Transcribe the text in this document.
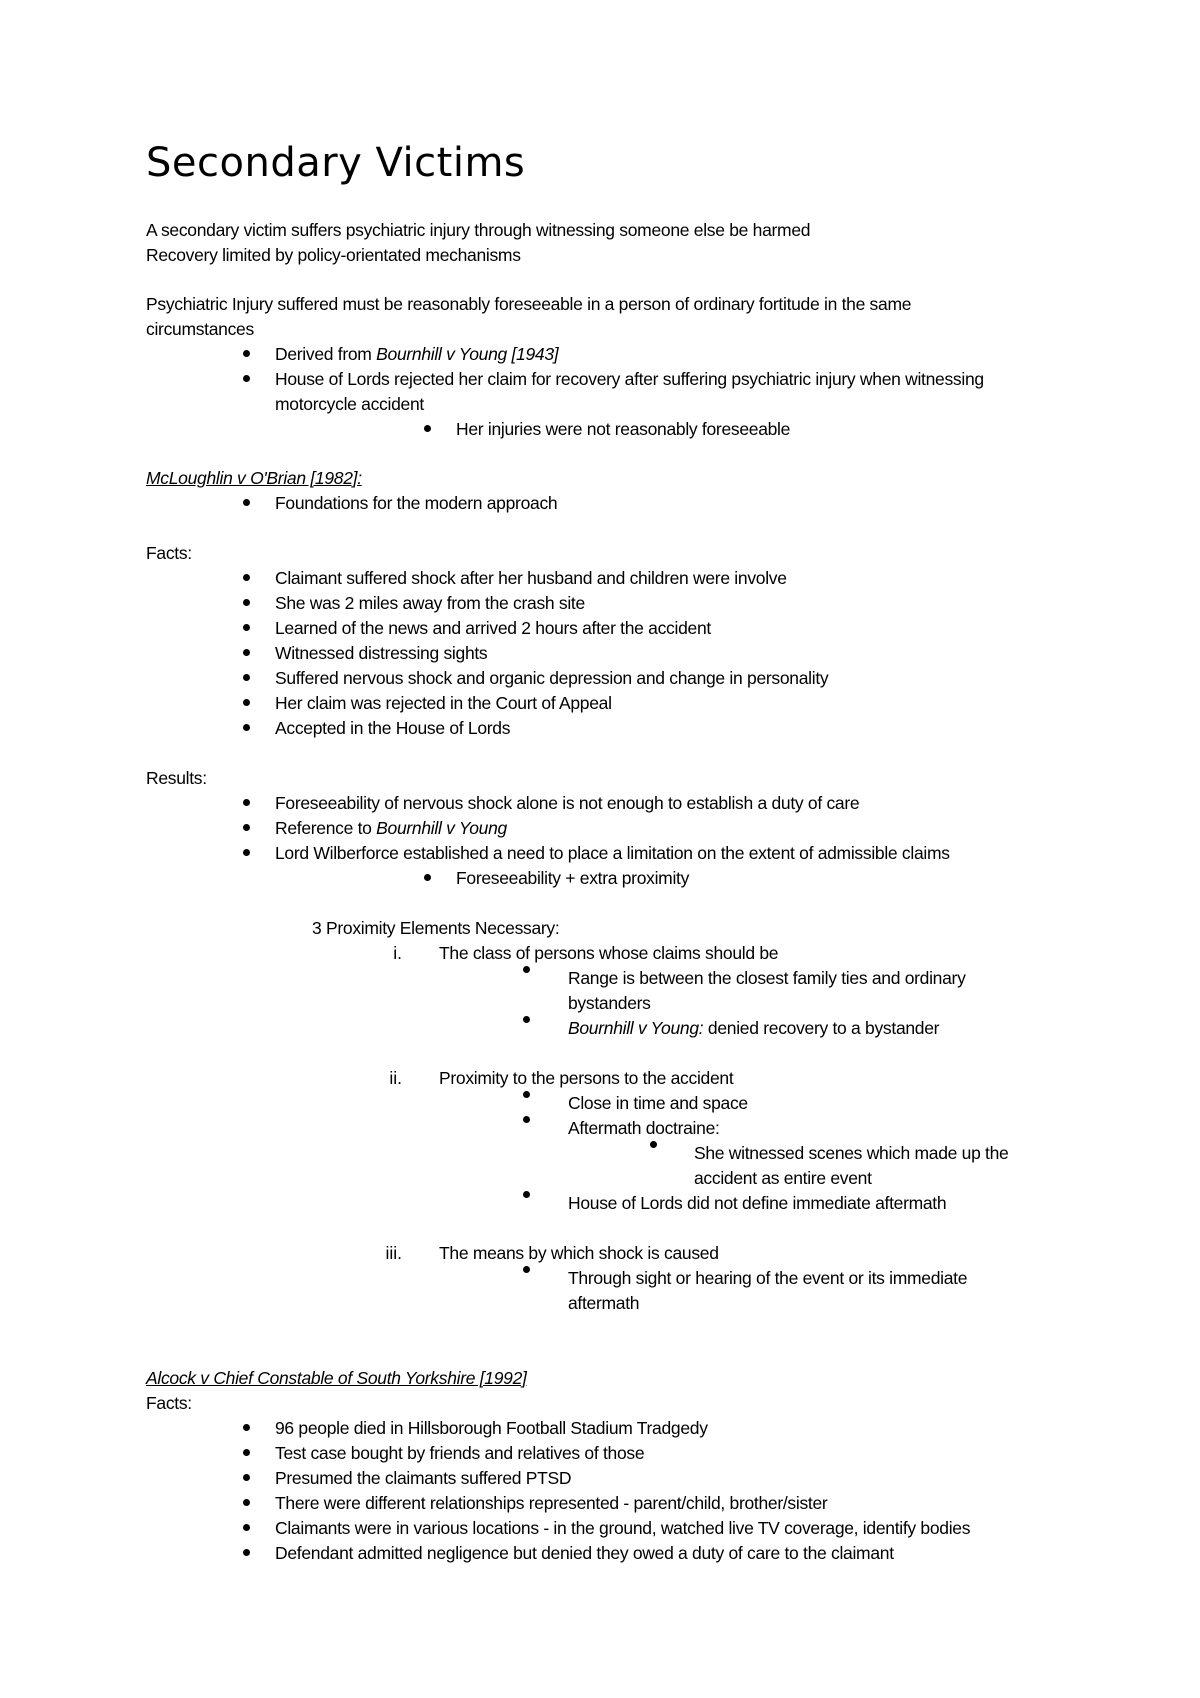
Secondary Victims
A secondary victim suffers psychiatric injury through witnessing someone else be harmed
Recovery limited by policy-orientated mechanisms
Psychiatric Injury suffered must be reasonably foreseeable in a person of ordinary fortitude in the same
circumstances
Derived from Bournhill v Young [1943]
House of Lords rejected her claim for recovery after suffering psychiatric injury when witnessing
motorcycle accident
Her injuries were not reasonably foreseeable
McLoughlin v O'Brian [1982]:
Foundations for the modern approach
Facts:
Claimant suffered shock after her husband and children were involve
She was 2 miles away from the crash site
Learned of the news and arrived 2 hours after the accident
Witnessed distressing sights
Suffered nervous shock and organic depression and change in personality
Her claim was rejected in the Court of Appeal
Accepted in the House of Lords
Results:
Foreseeability of nervous shock alone is not enough to establish a duty of care
Reference to Bournhill v Young
Lord Wilberforce established a need to place a limitation on the extent of admissible claims
Foreseeability + extra proximity
3 Proximity Elements Necessary:
i. The class of persons whose claims should be
Range is between the closest family ties and ordinary
bystanders
Bournhill v Young: denied recovery to a bystander
ii. Proximity to the persons to the accident
Close in time and space
Aftermath doctraine:
She witnessed scenes which made up the
accident as entire event
House of Lords did not define immediate aftermath
iii. The means by which shock is caused
Through sight or hearing of the event or its immediate
aftermath
Alcock v Chief Constable of South Yorkshire [1992]
Facts:
96 people died in Hillsborough Football Stadium Tradgedy
Test case bought by friends and relatives of those
Presumed the claimants suffered PTSD
There were different relationships represented - parent/child, brother/sister
Claimants were in various locations - in the ground, watched live TV coverage, identify bodies
Defendant admitted negligence but denied they owed a duty of care to the claimant
